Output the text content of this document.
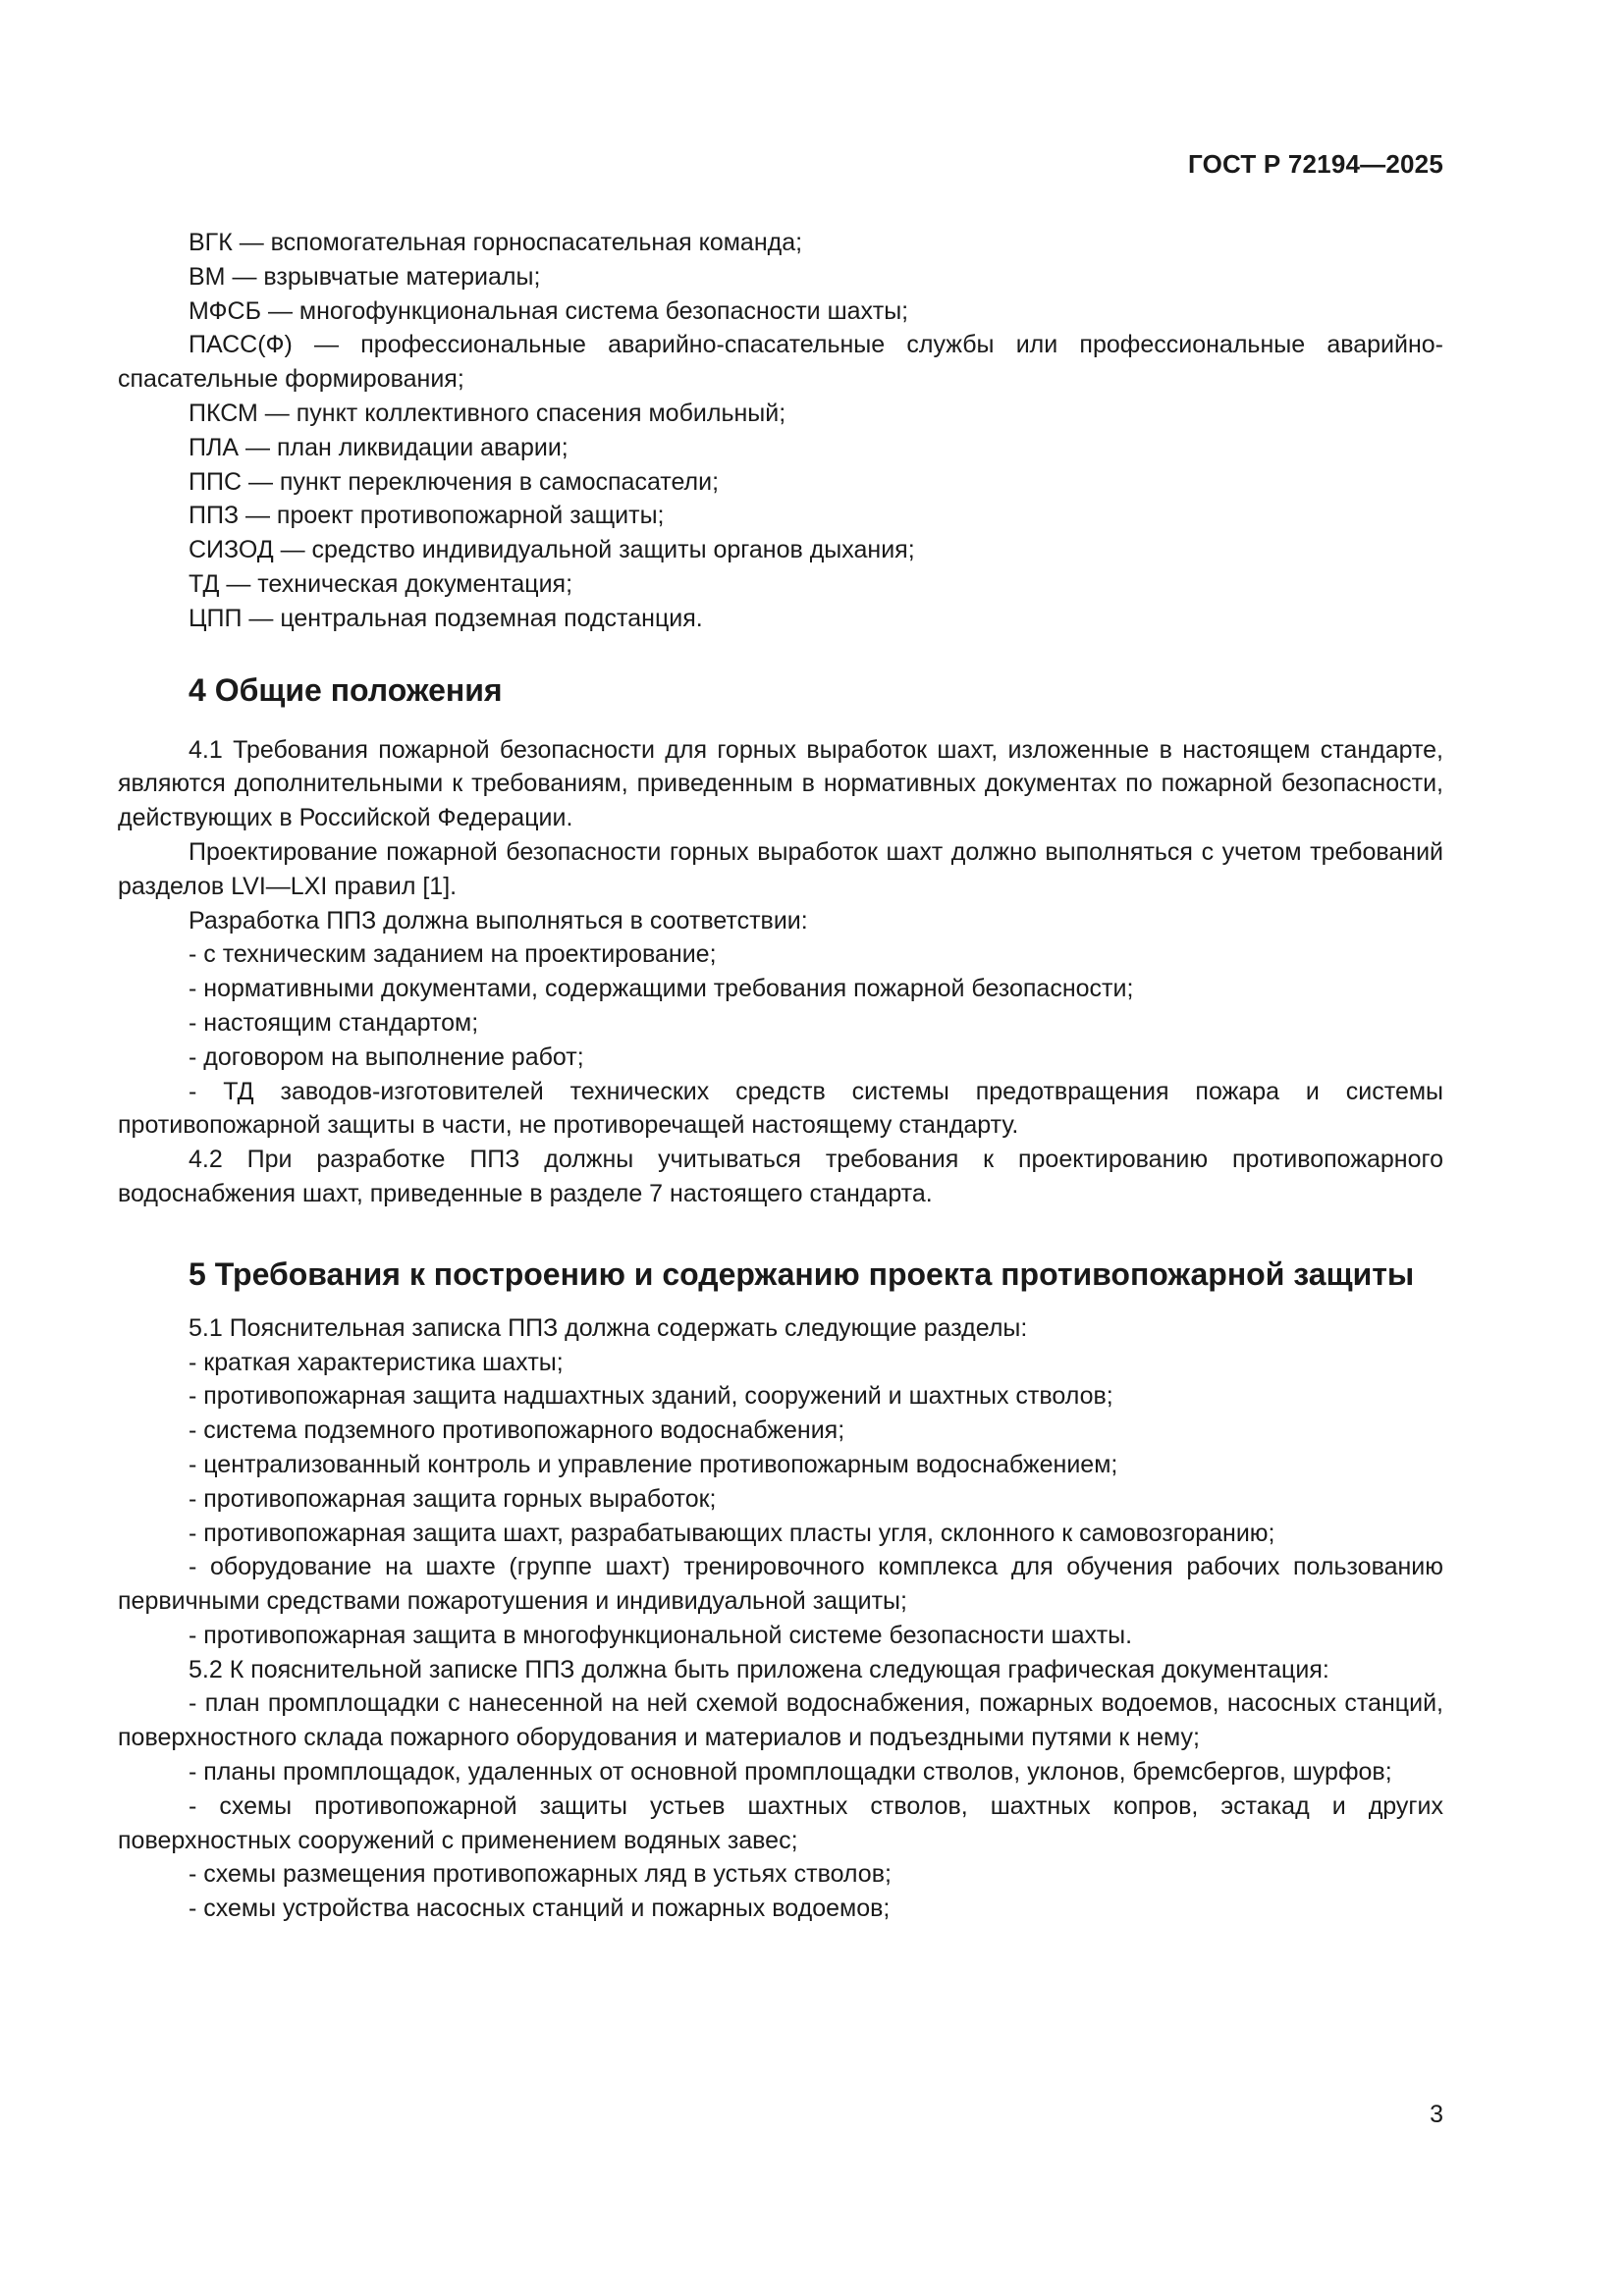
ГОСТ Р 72194—2025

ВГК — вспомогательная горноспасательная команда;

ВМ — взрывчатые материалы;

МФСБ — многофункциональная система безопасности шахты;

ПАСС(Ф) — профессиональные аварийно-спасательные службы или профессиональные аварийно-спасательные формирования;

ПКСМ — пункт коллективного спасения мобильный;

ПЛА — план ликвидации аварии;

ППС — пункт переключения в самоспасатели;

ППЗ — проект противопожарной защиты;

СИЗОД — средство индивидуальной защиты органов дыхания;

ТД — техническая документация;

ЦПП — центральная подземная подстанция.

4 Общие положения

4.1 Требования пожарной безопасности для горных выработок шахт, изложенные в настоящем стандарте, являются дополнительными к требованиям, приведенным в нормативных документах по пожарной безопасности, действующих в Российской Федерации.

Проектирование пожарной безопасности горных выработок шахт должно выполняться с учетом требований разделов LVI—LXI правил [1].

Разработка ППЗ должна выполняться в соответствии:

- с техническим заданием на проектирование;

- нормативными документами, содержащими требования пожарной безопасности;

- настоящим стандартом;

- договором на выполнение работ;

- ТД заводов-изготовителей технических средств системы предотвращения пожара и системы противопожарной защиты в части, не противоречащей настоящему стандарту.

4.2 При разработке ППЗ должны учитываться требования к проектированию противопожарного водоснабжения шахт, приведенные в разделе 7 настоящего стандарта.

5 Требования к построению и содержанию проекта противопожарной защиты

5.1 Пояснительная записка ППЗ должна содержать следующие разделы:

- краткая характеристика шахты;

- противопожарная защита надшахтных зданий, сооружений и шахтных стволов;

- система подземного противопожарного водоснабжения;

- централизованный контроль и управление противопожарным водоснабжением;

- противопожарная защита горных выработок;

- противопожарная защита шахт, разрабатывающих пласты угля, склонного к самовозгоранию;

- оборудование на шахте (группе шахт) тренировочного комплекса для обучения рабочих пользованию первичными средствами пожаротушения и индивидуальной защиты;

- противопожарная защита в многофункциональной системе безопасности шахты.

5.2 К пояснительной записке ППЗ должна быть приложена следующая графическая документация:

- план промплощадки с нанесенной на ней схемой водоснабжения, пожарных водоемов, насосных станций, поверхностного склада пожарного оборудования и материалов и подъездными путями к нему;

- планы промплощадок, удаленных от основной промплощадки стволов, уклонов, бремсбергов, шурфов;

- схемы противопожарной защиты устьев шахтных стволов, шахтных копров, эстакад и других поверхностных сооружений с применением водяных завес;

- схемы размещения противопожарных ляд в устьях стволов;

- схемы устройства насосных станций и пожарных водоемов;

3
